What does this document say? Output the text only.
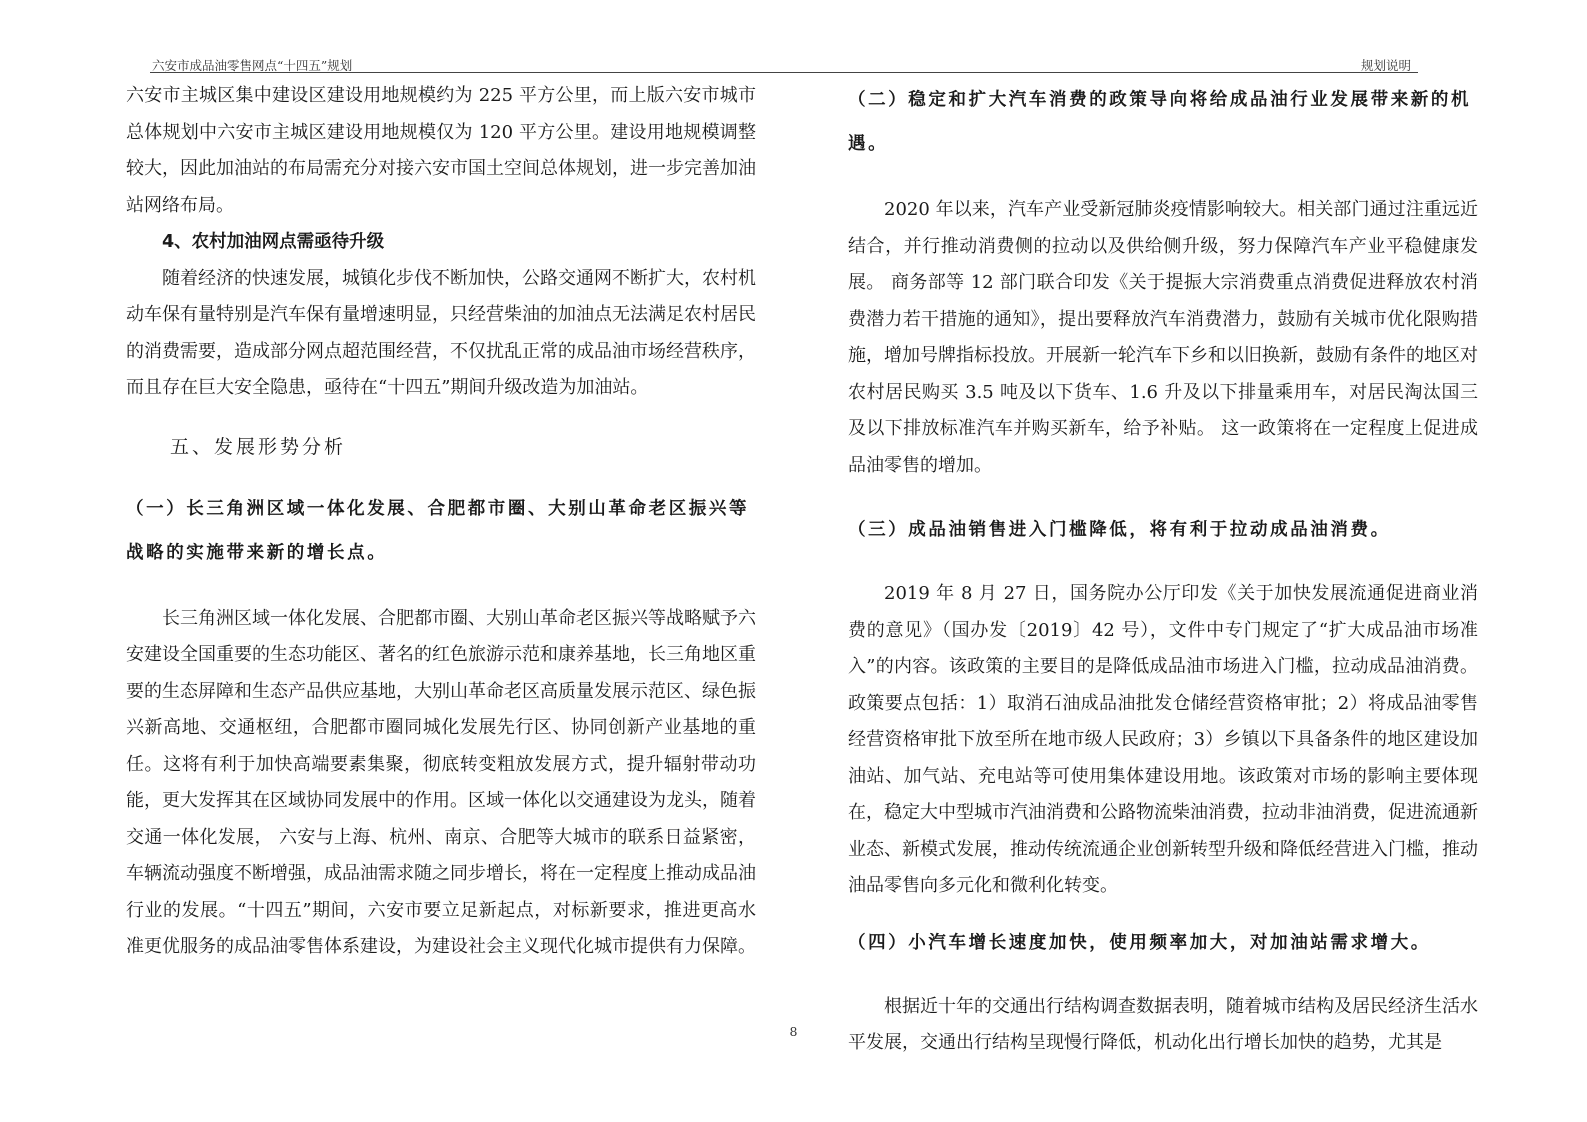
六安市成品油零售网点“十四五”规划	规划说明

六安市主城区集中建设区建设用地规模约为 225 平方公里，而上版六安市城市总体规划中六安市主城区建设用地规模仅为 120 平方公里。建设用地规模调整较大，因此加油站的布局需充分对接六安市国土空间总体规划，进一步完善加油站网络布局。

4、农村加油网点需亟待升级

随着经济的快速发展，城镇化步伐不断加快，公路交通网不断扩大，农村机动车保有量特别是汽车保有量增速明显，只经营柴油的加油点无法满足农村居民的消费需要，造成部分网点超范围经营，不仅扰乱正常的成品油市场经营秩序，而且存在巨大安全隐患，亟待在“十四五”期间升级改造为加油站。

五、发展形势分析

（一）长三角洲区域一体化发展、合肥都市圈、大别山革命老区振兴等战略的实施带来新的增长点。

长三角洲区域一体化发展、合肥都市圈、大别山革命老区振兴等战略赋予六安建设全国重要的生态功能区、著名的红色旅游示范和康养基地，长三角地区重要的生态屏障和生态产品供应基地，大别山革命老区高质量发展示范区、绿色振兴新高地、交通枢纽，合肥都市圈同城化发展先行区、协同创新产业基地的重任。这将有利于加快高端要素集聚，彻底转变粗放发展方式，提升辐射带动功能，更大发挥其在区域协同发展中的作用。区域一体化以交通建设为龙头，随着交通一体化发展， 六安与上海、杭州、南京、合肥等大城市的联系日益紧密，车辆流动强度不断增强，成品油需求随之同步增长，将在一定程度上推动成品油行业的发展。“十四五”期间，六安市要立足新起点，对标新要求，推进更高水准更优服务的成品油零售体系建设，为建设社会主义现代化城市提供有力保障。

（二）稳定和扩大汽车消费的政策导向将给成品油行业发展带来新的机遇。

2020 年以来，汽车产业受新冠肺炎疫情影响较大。相关部门通过注重远近结合，并行推动消费侧的拉动以及供给侧升级，努力保障汽车产业平稳健康发展。 商务部等 12 部门联合印发《关于提振大宗消费重点消费促进释放农村消费潜力若干措施的通知》，提出要释放汽车消费潜力，鼓励有关城市优化限购措施，增加号牌指标投放。开展新一轮汽车下乡和以旧换新，鼓励有条件的地区对农村居民购买 3.5 吨及以下货车、1.6 升及以下排量乘用车，对居民淘汰国三及以下排放标准汽车并购买新车，给予补贴。 这一政策将在一定程度上促进成品油零售的增加。

（三）成品油销售进入门槛降低，将有利于拉动成品油消费。

2019 年 8 月 27 日，国务院办公厅印发《关于加快发展流通促进商业消费的意见》（国办发〔2019〕42 号），文件中专门规定了“扩大成品油市场准入”的内容。该政策的主要目的是降低成品油市场进入门槛，拉动成品油消费。政策要点包括：1）取消石油成品油批发仓储经营资格审批；2）将成品油零售经营资格审批下放至所在地市级人民政府；3）乡镇以下具备条件的地区建设加油站、加气站、充电站等可使用集体建设用地。该政策对市场的影响主要体现在，稳定大中型城市汽油消费和公路物流柴油消费，拉动非油消费，促进流通新业态、新模式发展，推动传统流通企业创新转型升级和降低经营进入门槛，推动油品零售向多元化和微利化转变。

（四）小汽车增长速度加快，使用频率加大，对加油站需求增大。

根据近十年的交通出行结构调查数据表明，随着城市结构及居民经济生活水平发展，交通出行结构呈现慢行降低，机动化出行增长加快的趋势，尤其是

8
